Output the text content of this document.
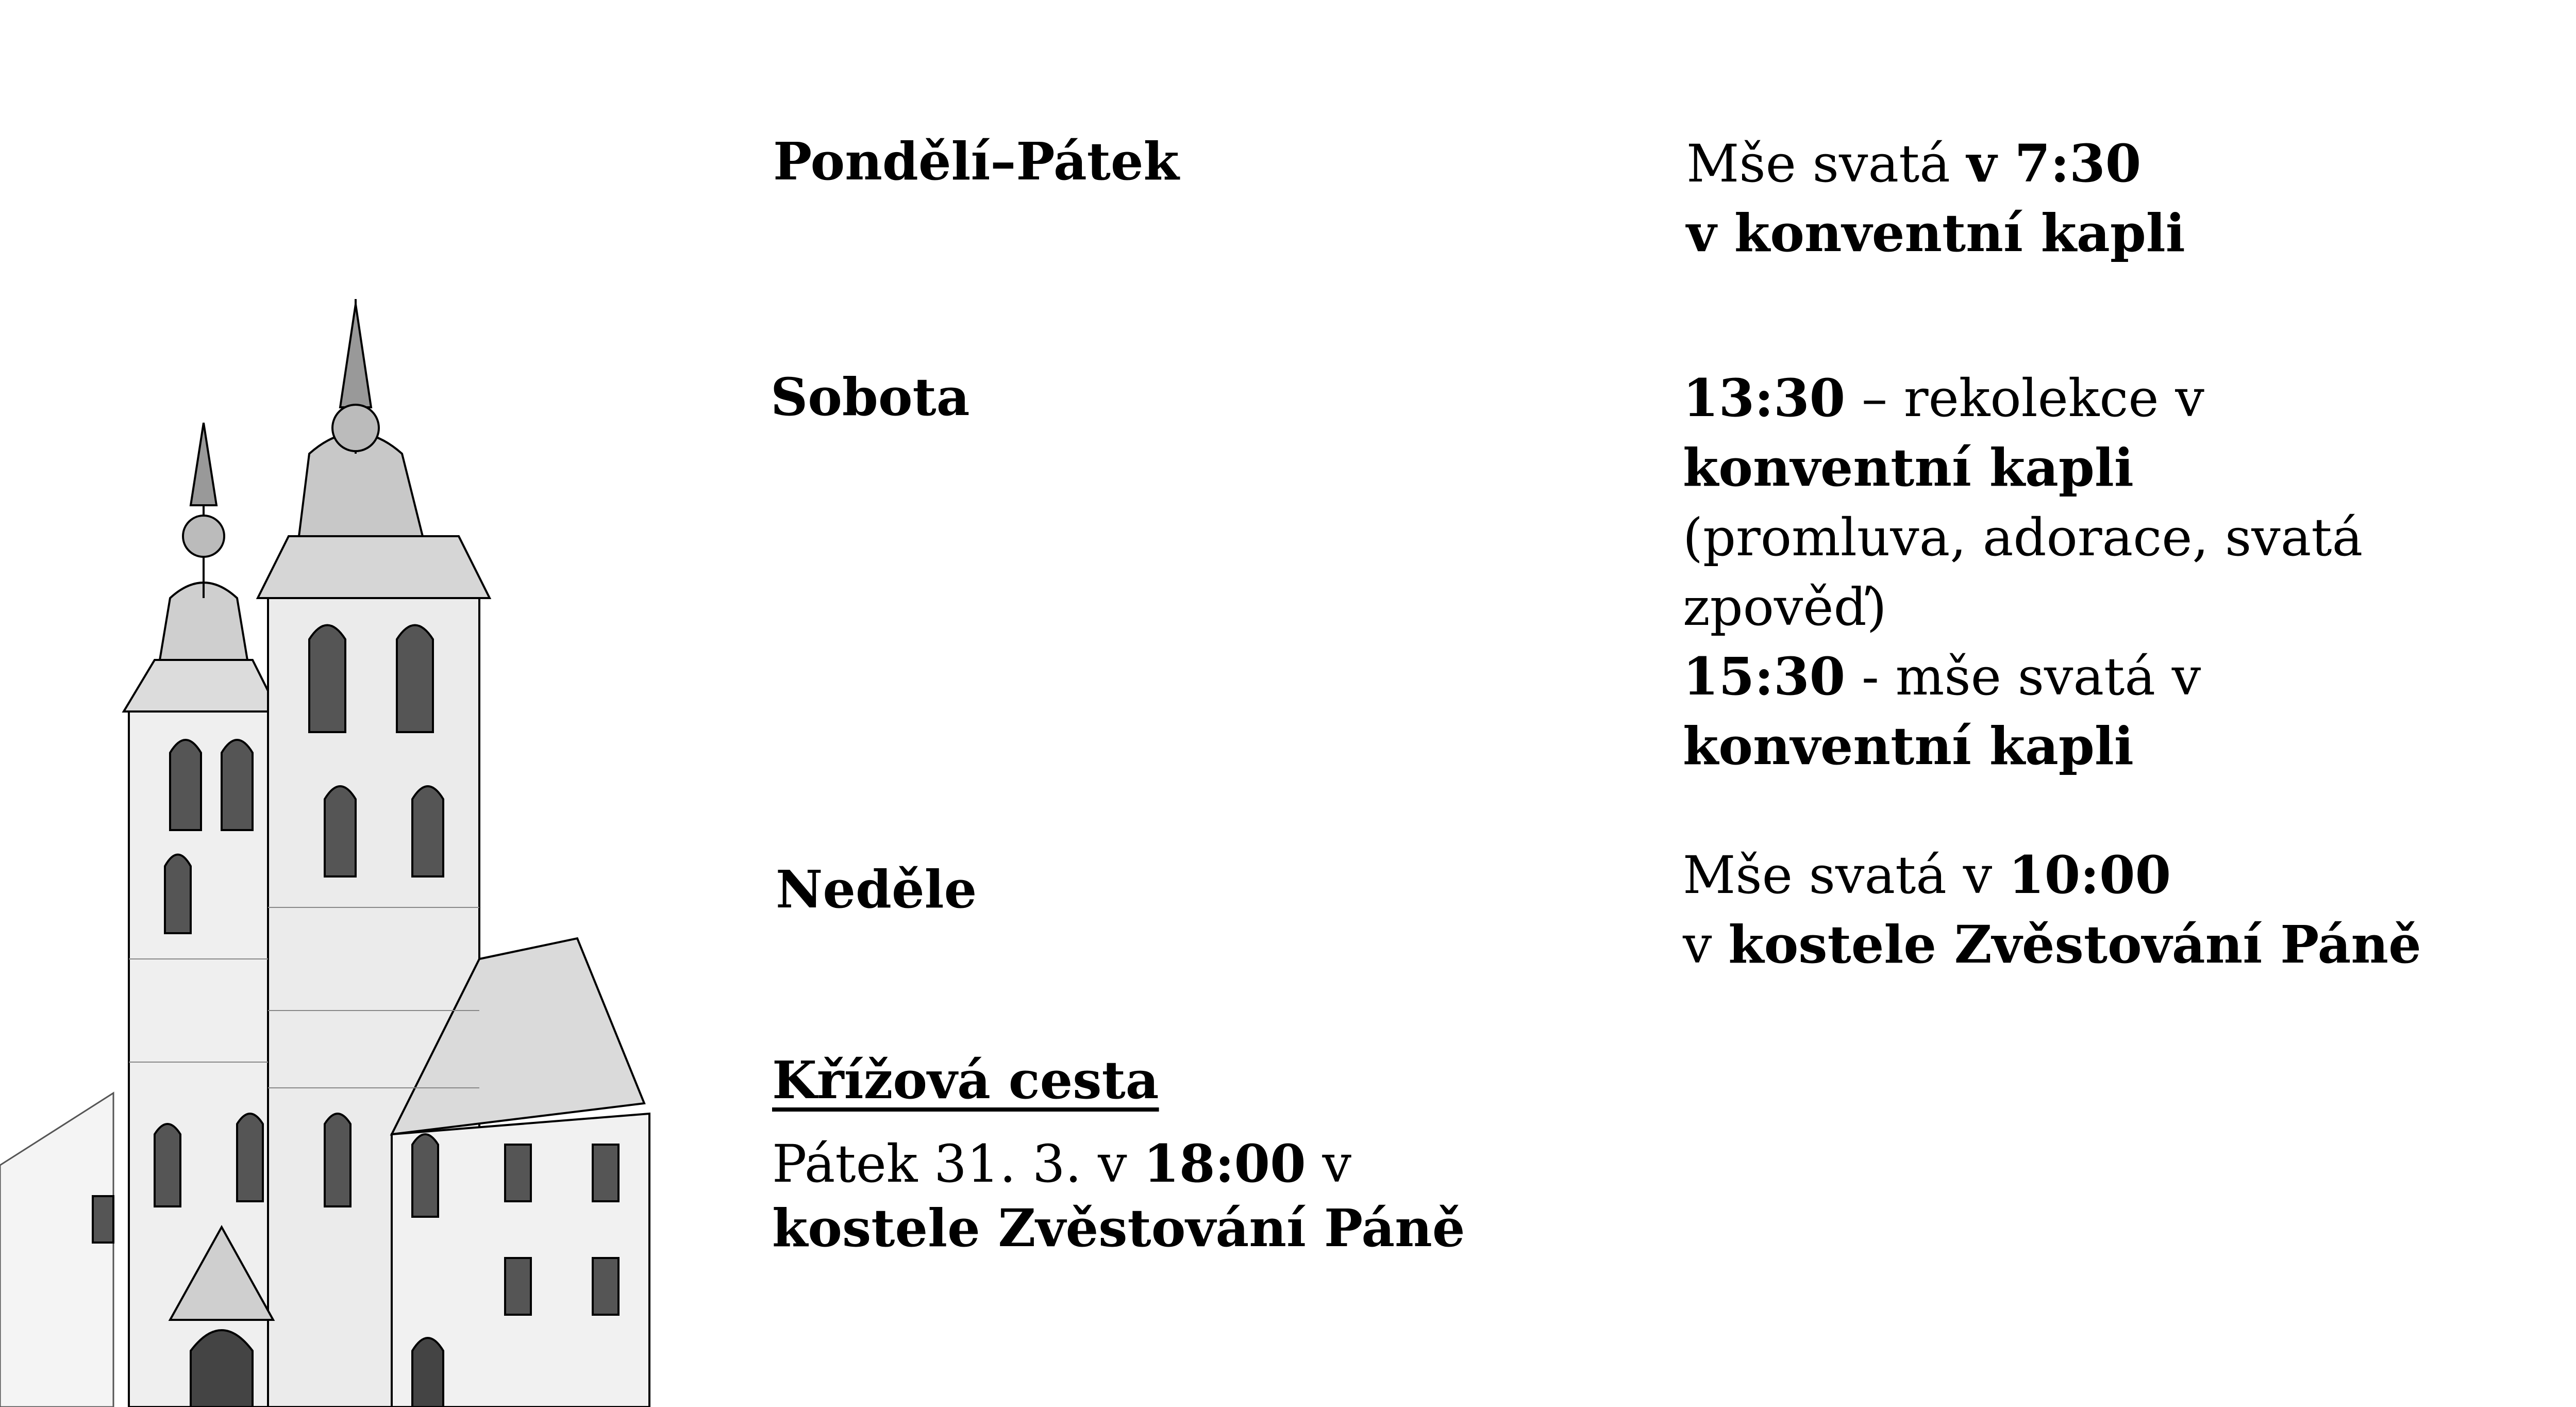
Pondělí–Pátek
Sobota
Neděle
Mše svatá v 7:30
v konventní kapli
13:30 – rekolekce v
konventní kapli
(promluva, adorace, svatá
zpověď)
15:30 - mše svatá v
konventní kapli
Mše svatá v 10:00
v kostele Zvěstování Páně
Křížová cesta
Pátek 31. 3. v 18:00 v
kostele Zvěstování Páně
